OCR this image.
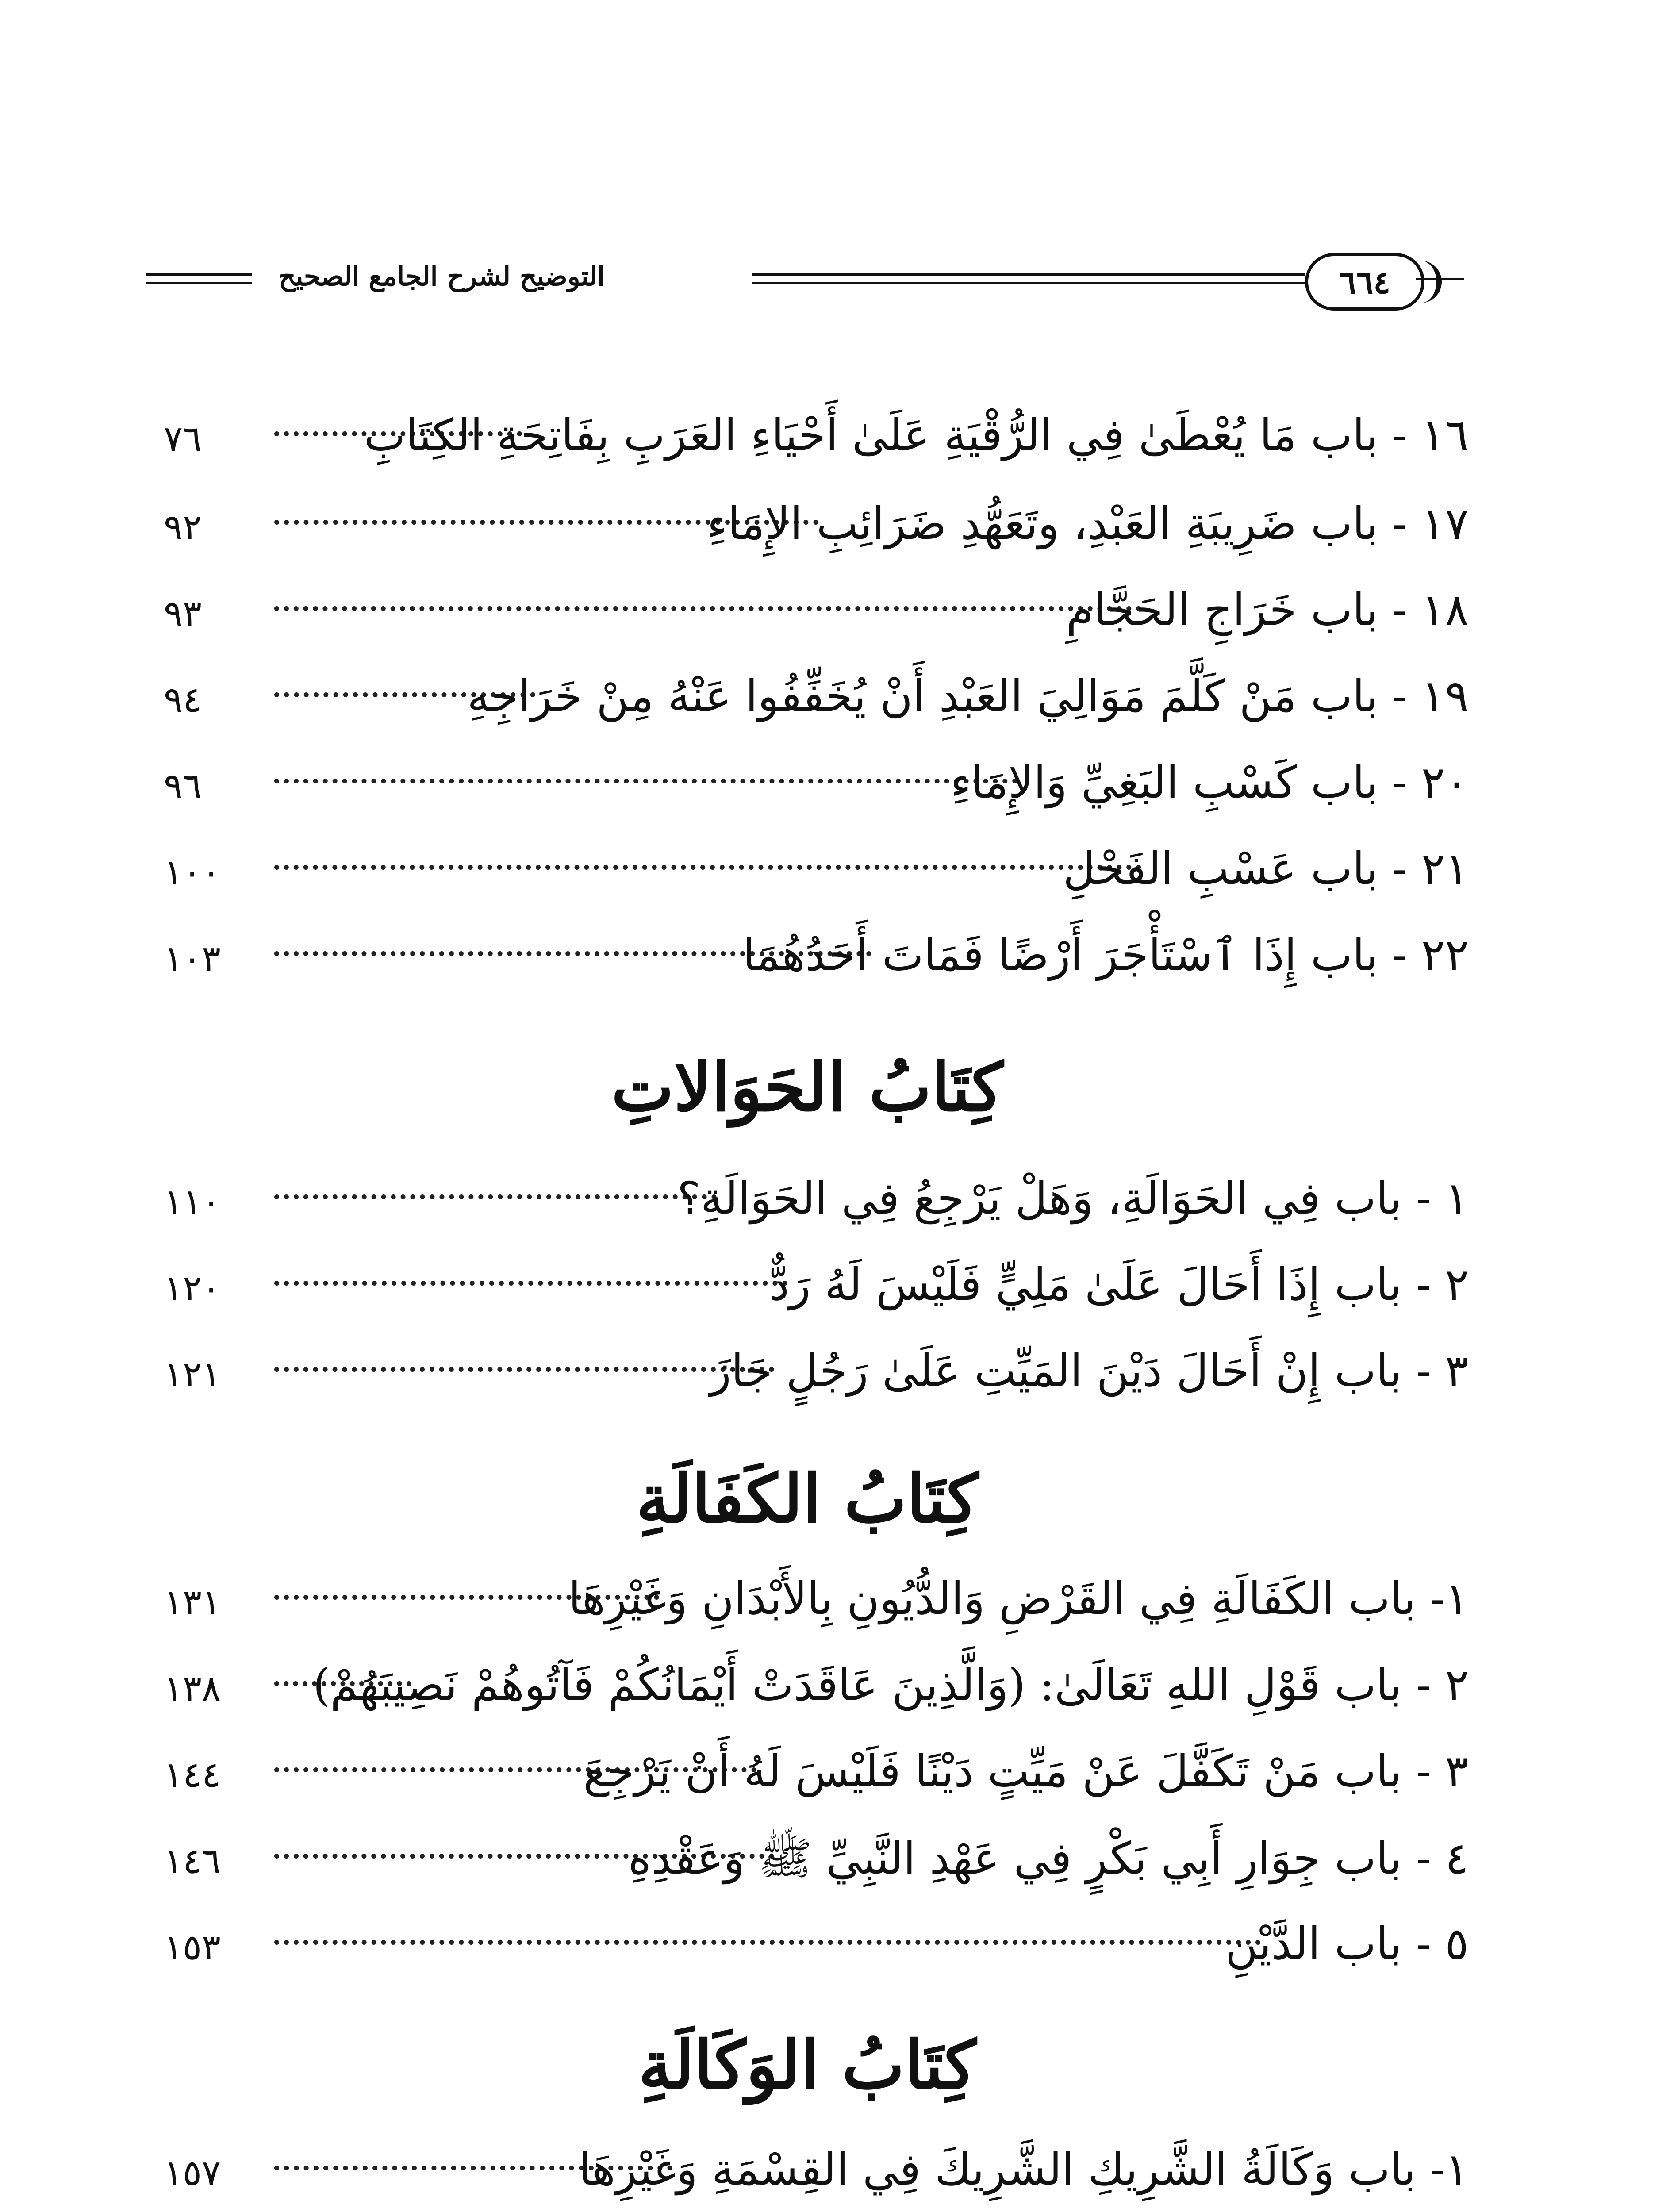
التوضيح لشرح الجامع الصحيح	٦٦٤
٧٦	١٦ - باب مَا يُعْطَىٰ فِي الرُّقْيَةِ عَلَىٰ أَحْيَاءِ العَرَبِ بِفَاتِحَةِ الكِتَابِ
٩٢	١٧ - باب ضَرِيبَةِ العَبْدِ، وتَعَهُّدِ ضَرَائِبِ الإِمَاءِ
٩٣	١٨ - باب خَرَاجِ الحَجَّامِ
٩٤	١٩ - باب مَنْ كَلَّمَ مَوَالِيَ العَبْدِ أَنْ يُخَفِّفُوا عَنْهُ مِنْ خَرَاجِهِ
٩٦	٢٠ - باب كَسْبِ البَغِيِّ وَالإِمَاءِ
١٠٠	٢١ - باب عَسْبِ الفَحْلِ
١٠٣	٢٢ - باب إِذَا ٱسْتَأْجَرَ أَرْضًا فَمَاتَ أَحَدُهُمَا
كِتَابُ الحَوَالاتِ
١١٠	١ - باب فِي الحَوَالَةِ، وَهَلْ يَرْجِعُ فِي الحَوَالَةِ؟
١٢٠	٢ - باب إِذَا أَحَالَ عَلَىٰ مَلِيٍّ فَلَيْسَ لَهُ رَدٌّ
١٢١	٣ - باب إِنْ أَحَالَ دَيْنَ المَيِّتِ عَلَىٰ رَجُلٍ جَازَ
كِتَابُ الكَفَالَةِ
١٣١	١- باب الكَفَالَةِ فِي القَرْضِ وَالدُّيُونِ بِالأَبْدَانِ وَغَيْرِهَا
١٣٨	٢ - باب قَوْلِ اللهِ تَعَالَىٰ: (وَالَّذِينَ عَاقَدَتْ أَيْمَانُكُمْ فَآتُوهُمْ نَصِيبَهُمْ)
١٤٤	٣ - باب مَنْ تَكَفَّلَ عَنْ مَيِّتٍ دَيْنًا فَلَيْسَ لَهُ أَنْ يَرْجِعَ
١٤٦	٤ - باب جِوَارِ أَبِي بَكْرٍ فِي عَهْدِ النَّبِيِّ ﷺ وَعَقْدِهِ
١٥٣	٥ - باب الدَّيْنِ
كِتَابُ الوَكَالَةِ
١٥٧	١- باب وَكَالَةُ الشَّرِيكِ الشَّرِيكَ فِي القِسْمَةِ وَغَيْرِهَا
